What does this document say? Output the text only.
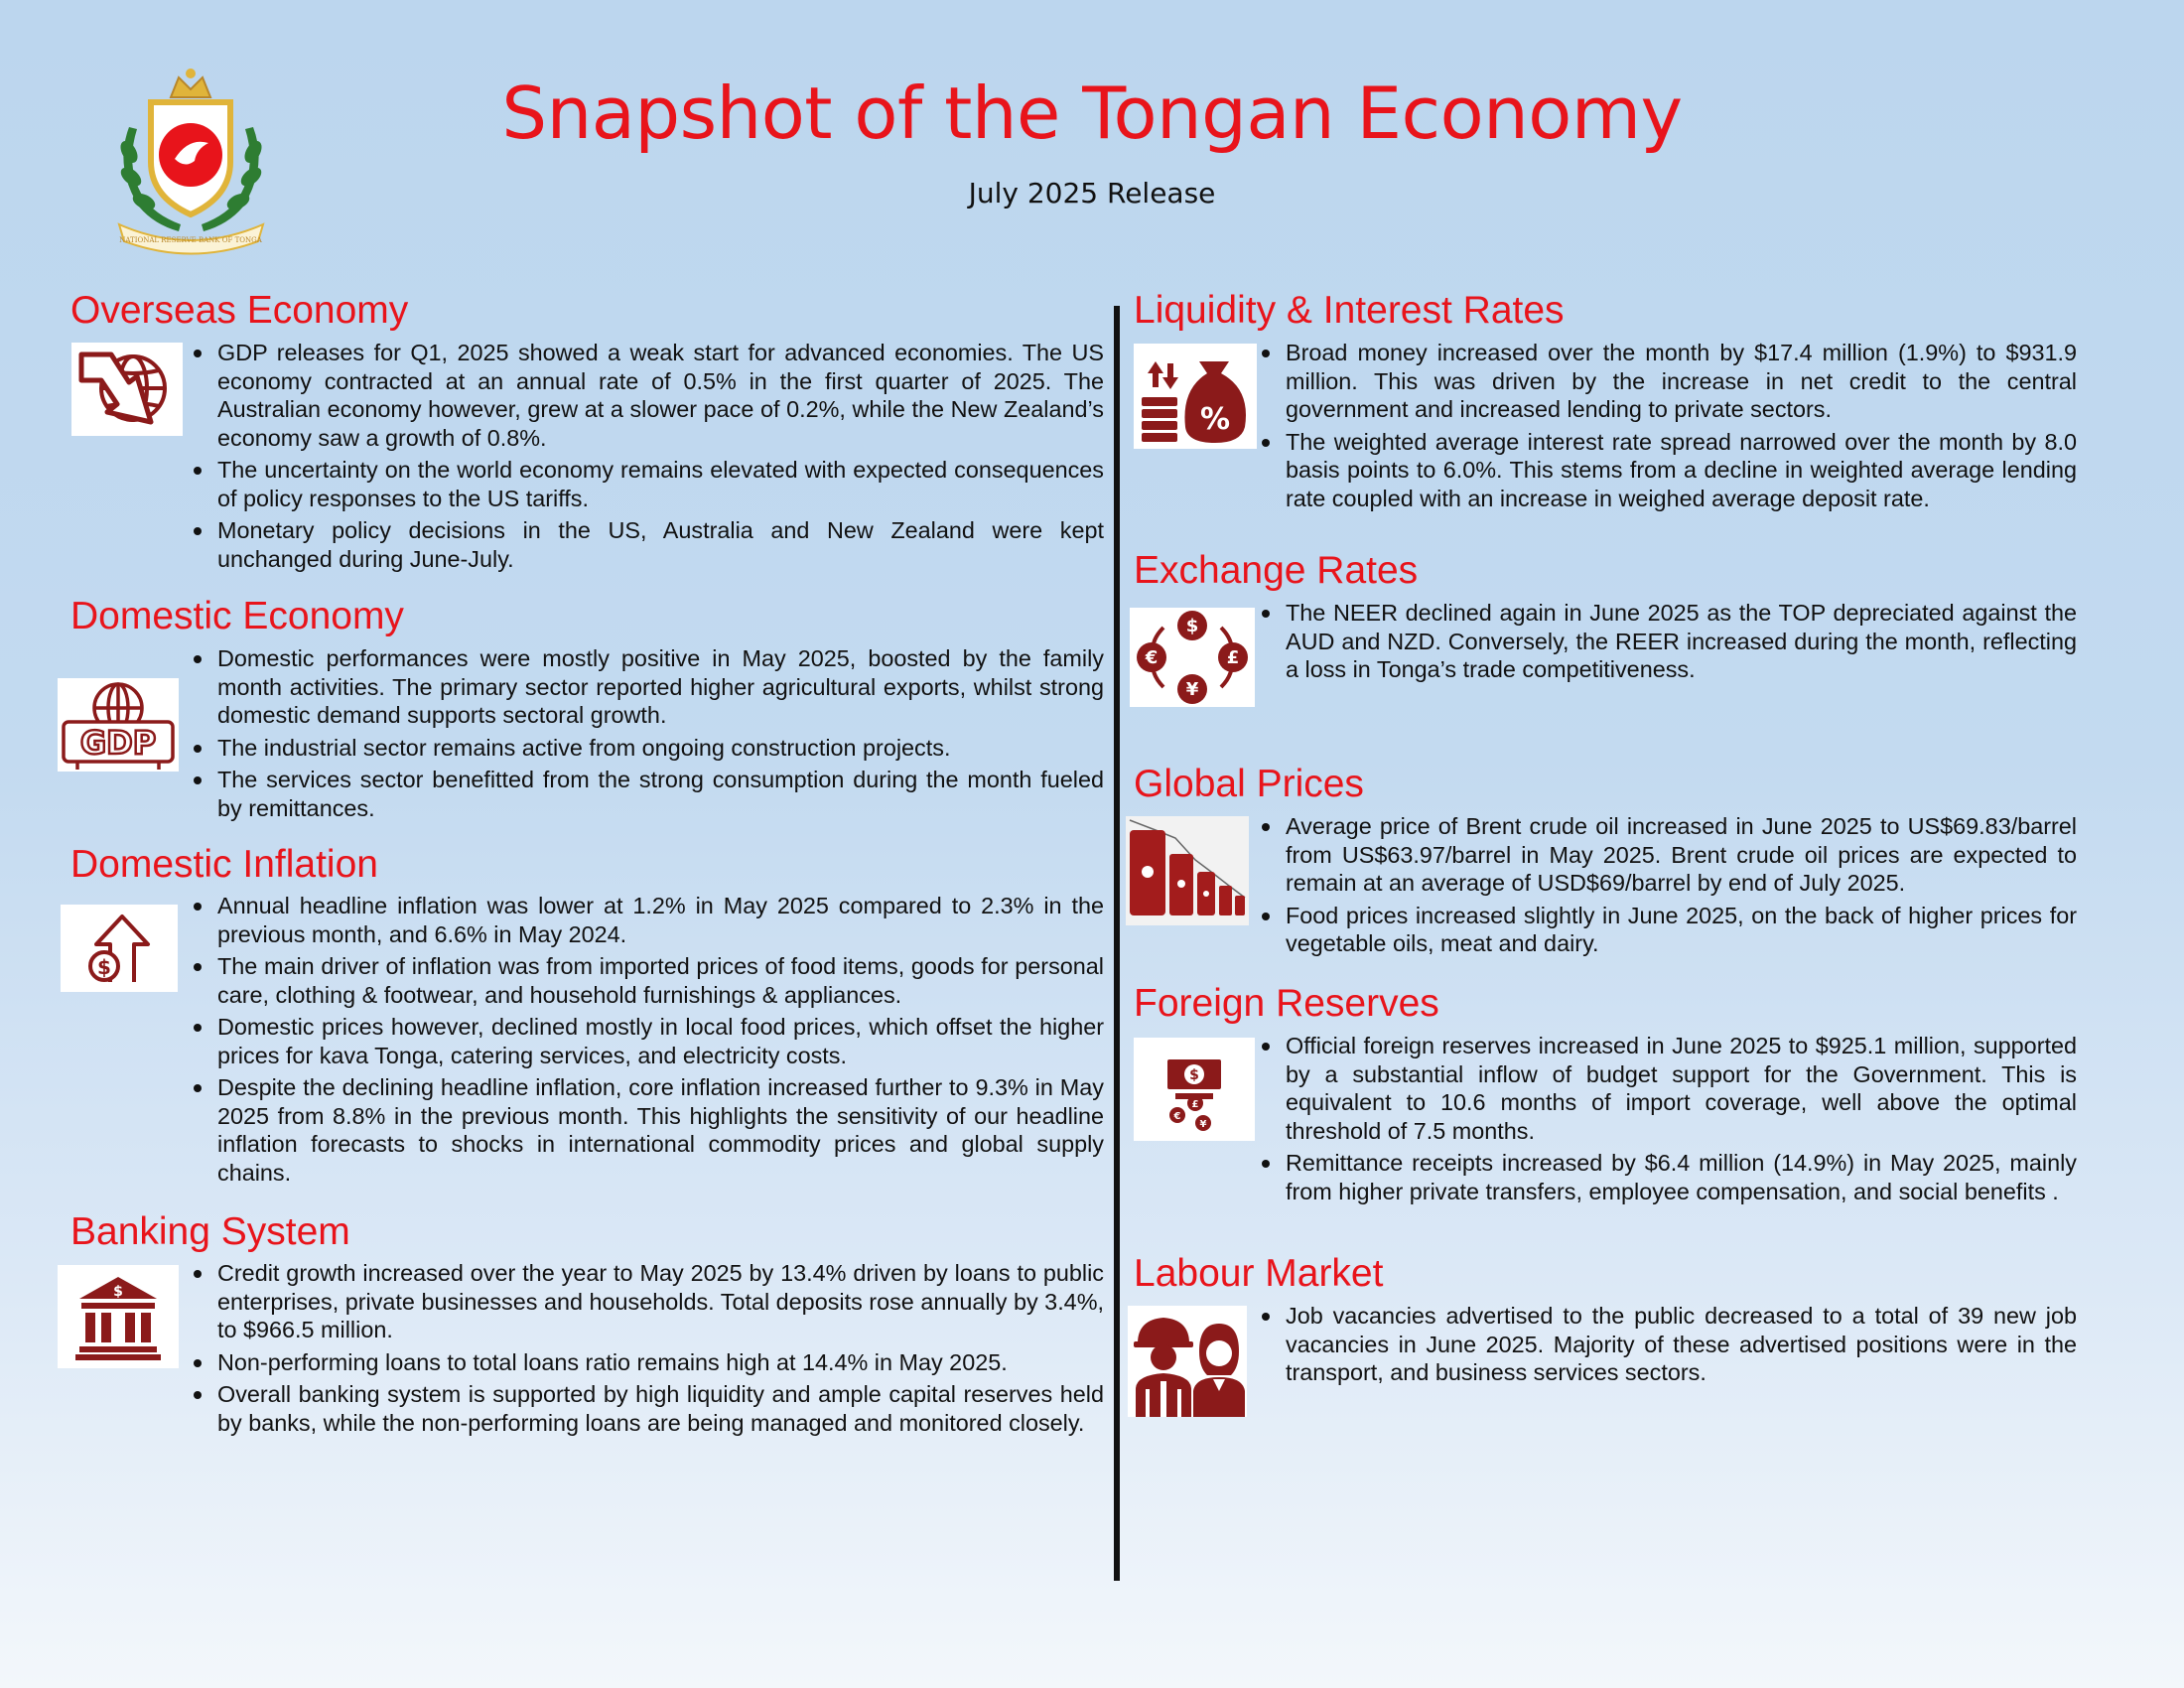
NATIONAL RESERVE BANK OF TONGA
Snapshot of the Tongan Economy
July 2025 Release
Overseas Economy
GDP releases for Q1, 2025 showed a weak start for advanced economies. The US economy contracted at an annual rate of 0.5% in the first quarter of 2025. The Australian economy however, grew at a slower pace of 0.2%, while the New Zealand’s economy saw a growth of 0.8%.
The uncertainty on the world economy remains elevated with expected consequences of policy responses to the US tariffs.
Monetary policy decisions in the US, Australia and New Zealand were kept unchanged during June-July.
Domestic Economy
GDP
Domestic performances were mostly positive in May 2025, boosted by the family month activities. The primary sector reported higher agricultural exports, whilst strong domestic demand supports sectoral growth.
The industrial sector remains active from ongoing construction projects.
The services sector benefitted from the strong consumption during the month fueled by remittances.
Domestic Inflation
$
Annual headline inflation was lower at 1.2% in May 2025 compared to 2.3% in the previous month, and 6.6% in May 2024.
The main driver of inflation was from imported prices of food items, goods for personal care, clothing & footwear, and household furnishings & appliances.
Domestic prices however, declined mostly in local food prices, which offset the higher prices for kava Tonga, catering services, and electricity costs.
Despite the declining headline inflation, core inflation increased further to 9.3% in May 2025 from 8.8% in the previous month. This highlights the sensitivity of our headline inflation forecasts to shocks in international commodity prices and global supply chains.
Banking System
$
Credit growth increased over the year to May 2025 by 13.4% driven by loans to public enterprises, private businesses and households. Total deposits rose annually by 3.4%, to $966.5 million.
Non-performing loans to total loans ratio remains high at 14.4% in May 2025.
Overall banking system is supported by high liquidity and ample capital reserves held by banks, while the non-performing loans are being managed and monitored closely.
Liquidity & Interest Rates
%
Broad money increased over the month by $17.4 million (1.9%) to $931.9 million. This was driven by the increase in net credit to the central government and increased lending to private sectors.
The weighted average interest rate spread narrowed over the month by 8.0 basis points to 6.0%. This stems from a decline in weighted average lending rate coupled with an increase in weighed average deposit rate.
Exchange Rates
$
€	£
¥
The NEER declined again in June 2025 as the TOP depreciated against the AUD and NZD. Conversely, the REER increased during the month, reflecting a loss in Tonga’s trade competitiveness.
Global Prices
Average price of Brent crude oil increased in June 2025 to US$69.83/barrel from US$63.97/barrel in May 2025. Brent crude oil prices are expected to remain at an average of USD$69/barrel by end of July 2025.
Food prices increased slightly in June 2025, on the back of higher prices for vegetable oils, meat and dairy.
Foreign Reserves
€
£
¥
$
Official foreign reserves increased in June 2025 to $925.1 million, supported by a substantial inflow of budget support for the Government. This is equivalent to 10.6 months of import coverage, well above the optimal threshold of 7.5 months.
Remittance receipts increased by $6.4 million (14.9%) in May 2025, mainly from higher private transfers, employee compensation, and social benefits .
Labour Market
Job vacancies advertised to the public decreased to a total of 39 new job vacancies in June 2025. Majority of these advertised positions were in the transport, and business services sectors.
